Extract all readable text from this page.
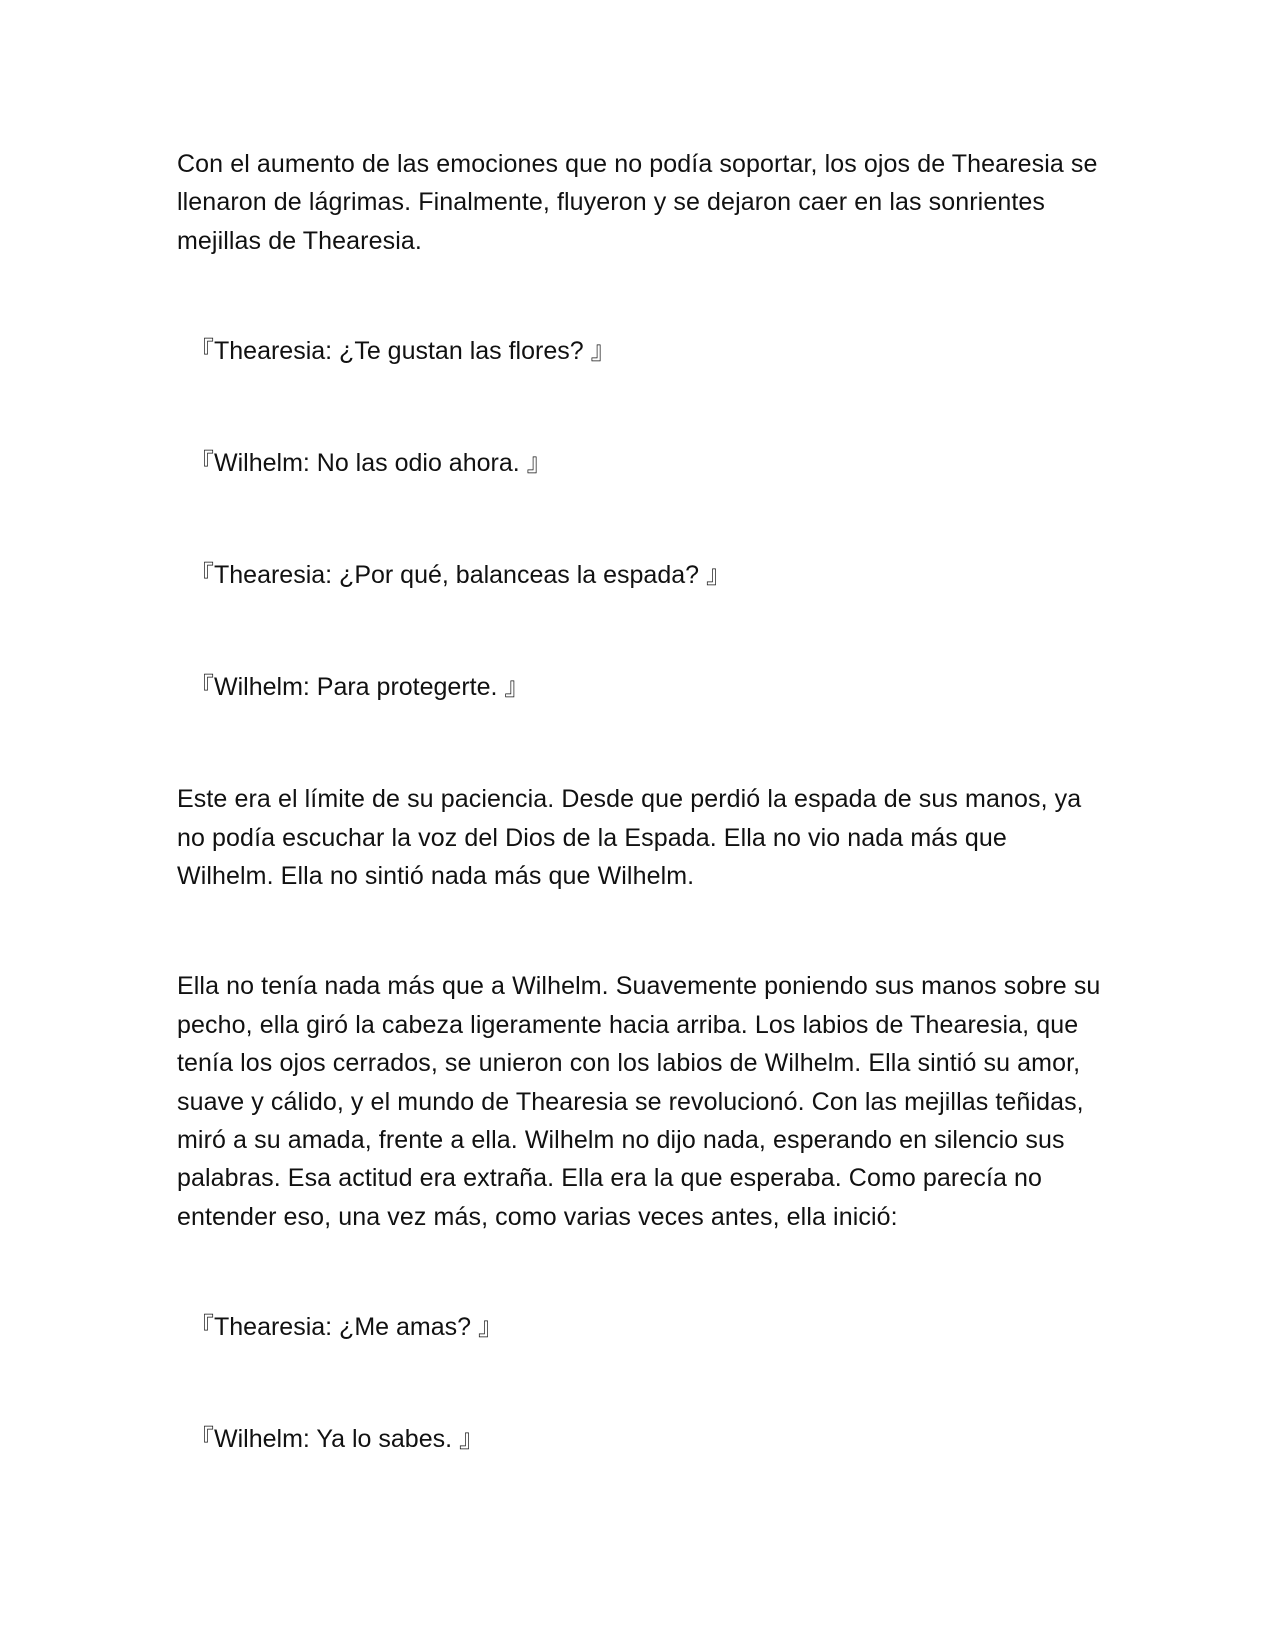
Con el aumento de las emociones que no podía soportar, los ojos de Thearesia se llenaron de lágrimas. Finalmente, fluyeron y se dejaron caer en las sonrientes mejillas de Thearesia.

『Thearesia: ¿Te gustan las flores? 』

『Wilhelm: No las odio ahora. 』

『Thearesia: ¿Por qué, balanceas la espada? 』

『Wilhelm: Para protegerte. 』

Este era el límite de su paciencia. Desde que perdió la espada de sus manos, ya no podía escuchar la voz del Dios de la Espada. Ella no vio nada más que Wilhelm. Ella no sintió nada más que Wilhelm.

Ella no tenía nada más que a Wilhelm. Suavemente poniendo sus manos sobre su pecho, ella giró la cabeza ligeramente hacia arriba. Los labios de Thearesia, que tenía los ojos cerrados, se unieron con los labios de Wilhelm. Ella sintió su amor, suave y cálido, y el mundo de Thearesia se revolucionó. Con las mejillas teñidas, miró a su amada, frente a ella. Wilhelm no dijo nada, esperando en silencio sus palabras. Esa actitud era extraña. Ella era la que esperaba. Como parecía no entender eso, una vez más, como varias veces antes, ella inició:

『Thearesia: ¿Me amas? 』

『Wilhelm: Ya lo sabes. 』
